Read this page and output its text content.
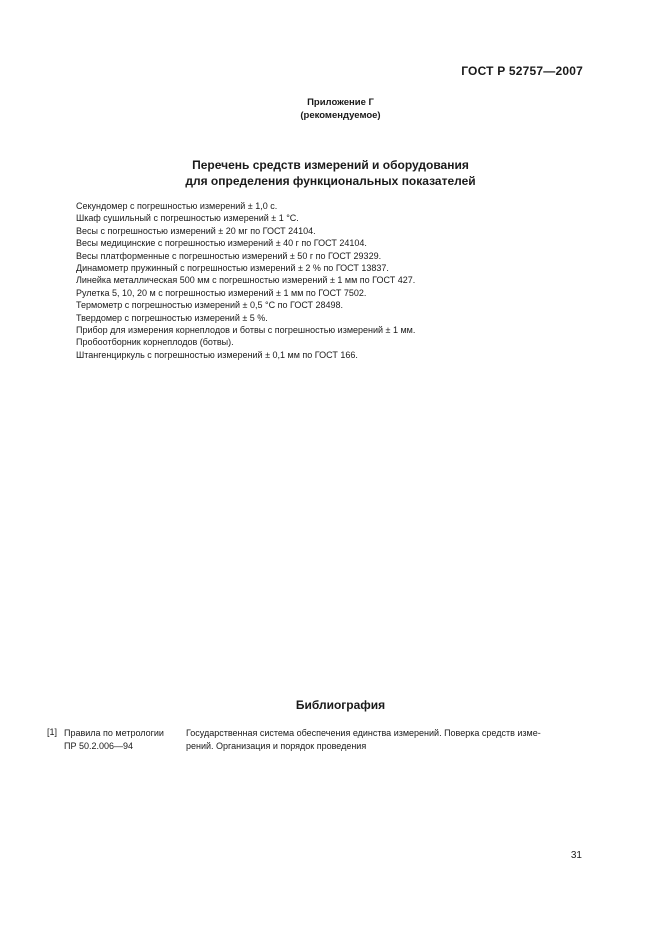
ГОСТ Р 52757—2007
Приложение Г
(рекомендуемое)
Перечень средств измерений и оборудования
для определения функциональных показателей
Секундомер с погрешностью измерений ± 1,0 с.
Шкаф сушильный с погрешностью измерений ± 1 °С.
Весы с погрешностью измерений ± 20 мг по ГОСТ 24104.
Весы медицинские с погрешностью измерений ± 40 г по ГОСТ 24104.
Весы платформенные с погрешностью измерений ± 50 г по ГОСТ 29329.
Динамометр пружинный с погрешностью измерений ± 2 % по ГОСТ 13837.
Линейка металлическая 500 мм с погрешностью измерений ± 1 мм по ГОСТ 427.
Рулетка 5, 10, 20 м с погрешностью измерений ± 1 мм по ГОСТ 7502.
Термометр с погрешностью измерений ± 0,5 °С по ГОСТ 28498.
Твердомер с погрешностью измерений ± 5 %.
Прибор для измерения корнеплодов и ботвы с погрешностью измерений ± 1 мм.
Пробоотборник корнеплодов (ботвы).
Штангенциркуль с погрешностью измерений ± 0,1 мм по ГОСТ 166.
Библиография
[1] Правила по метрологии
ПР 50.2.006—94
Государственная система обеспечения единства измерений. Поверка средств изме-
рений. Организация и порядок проведения
31
